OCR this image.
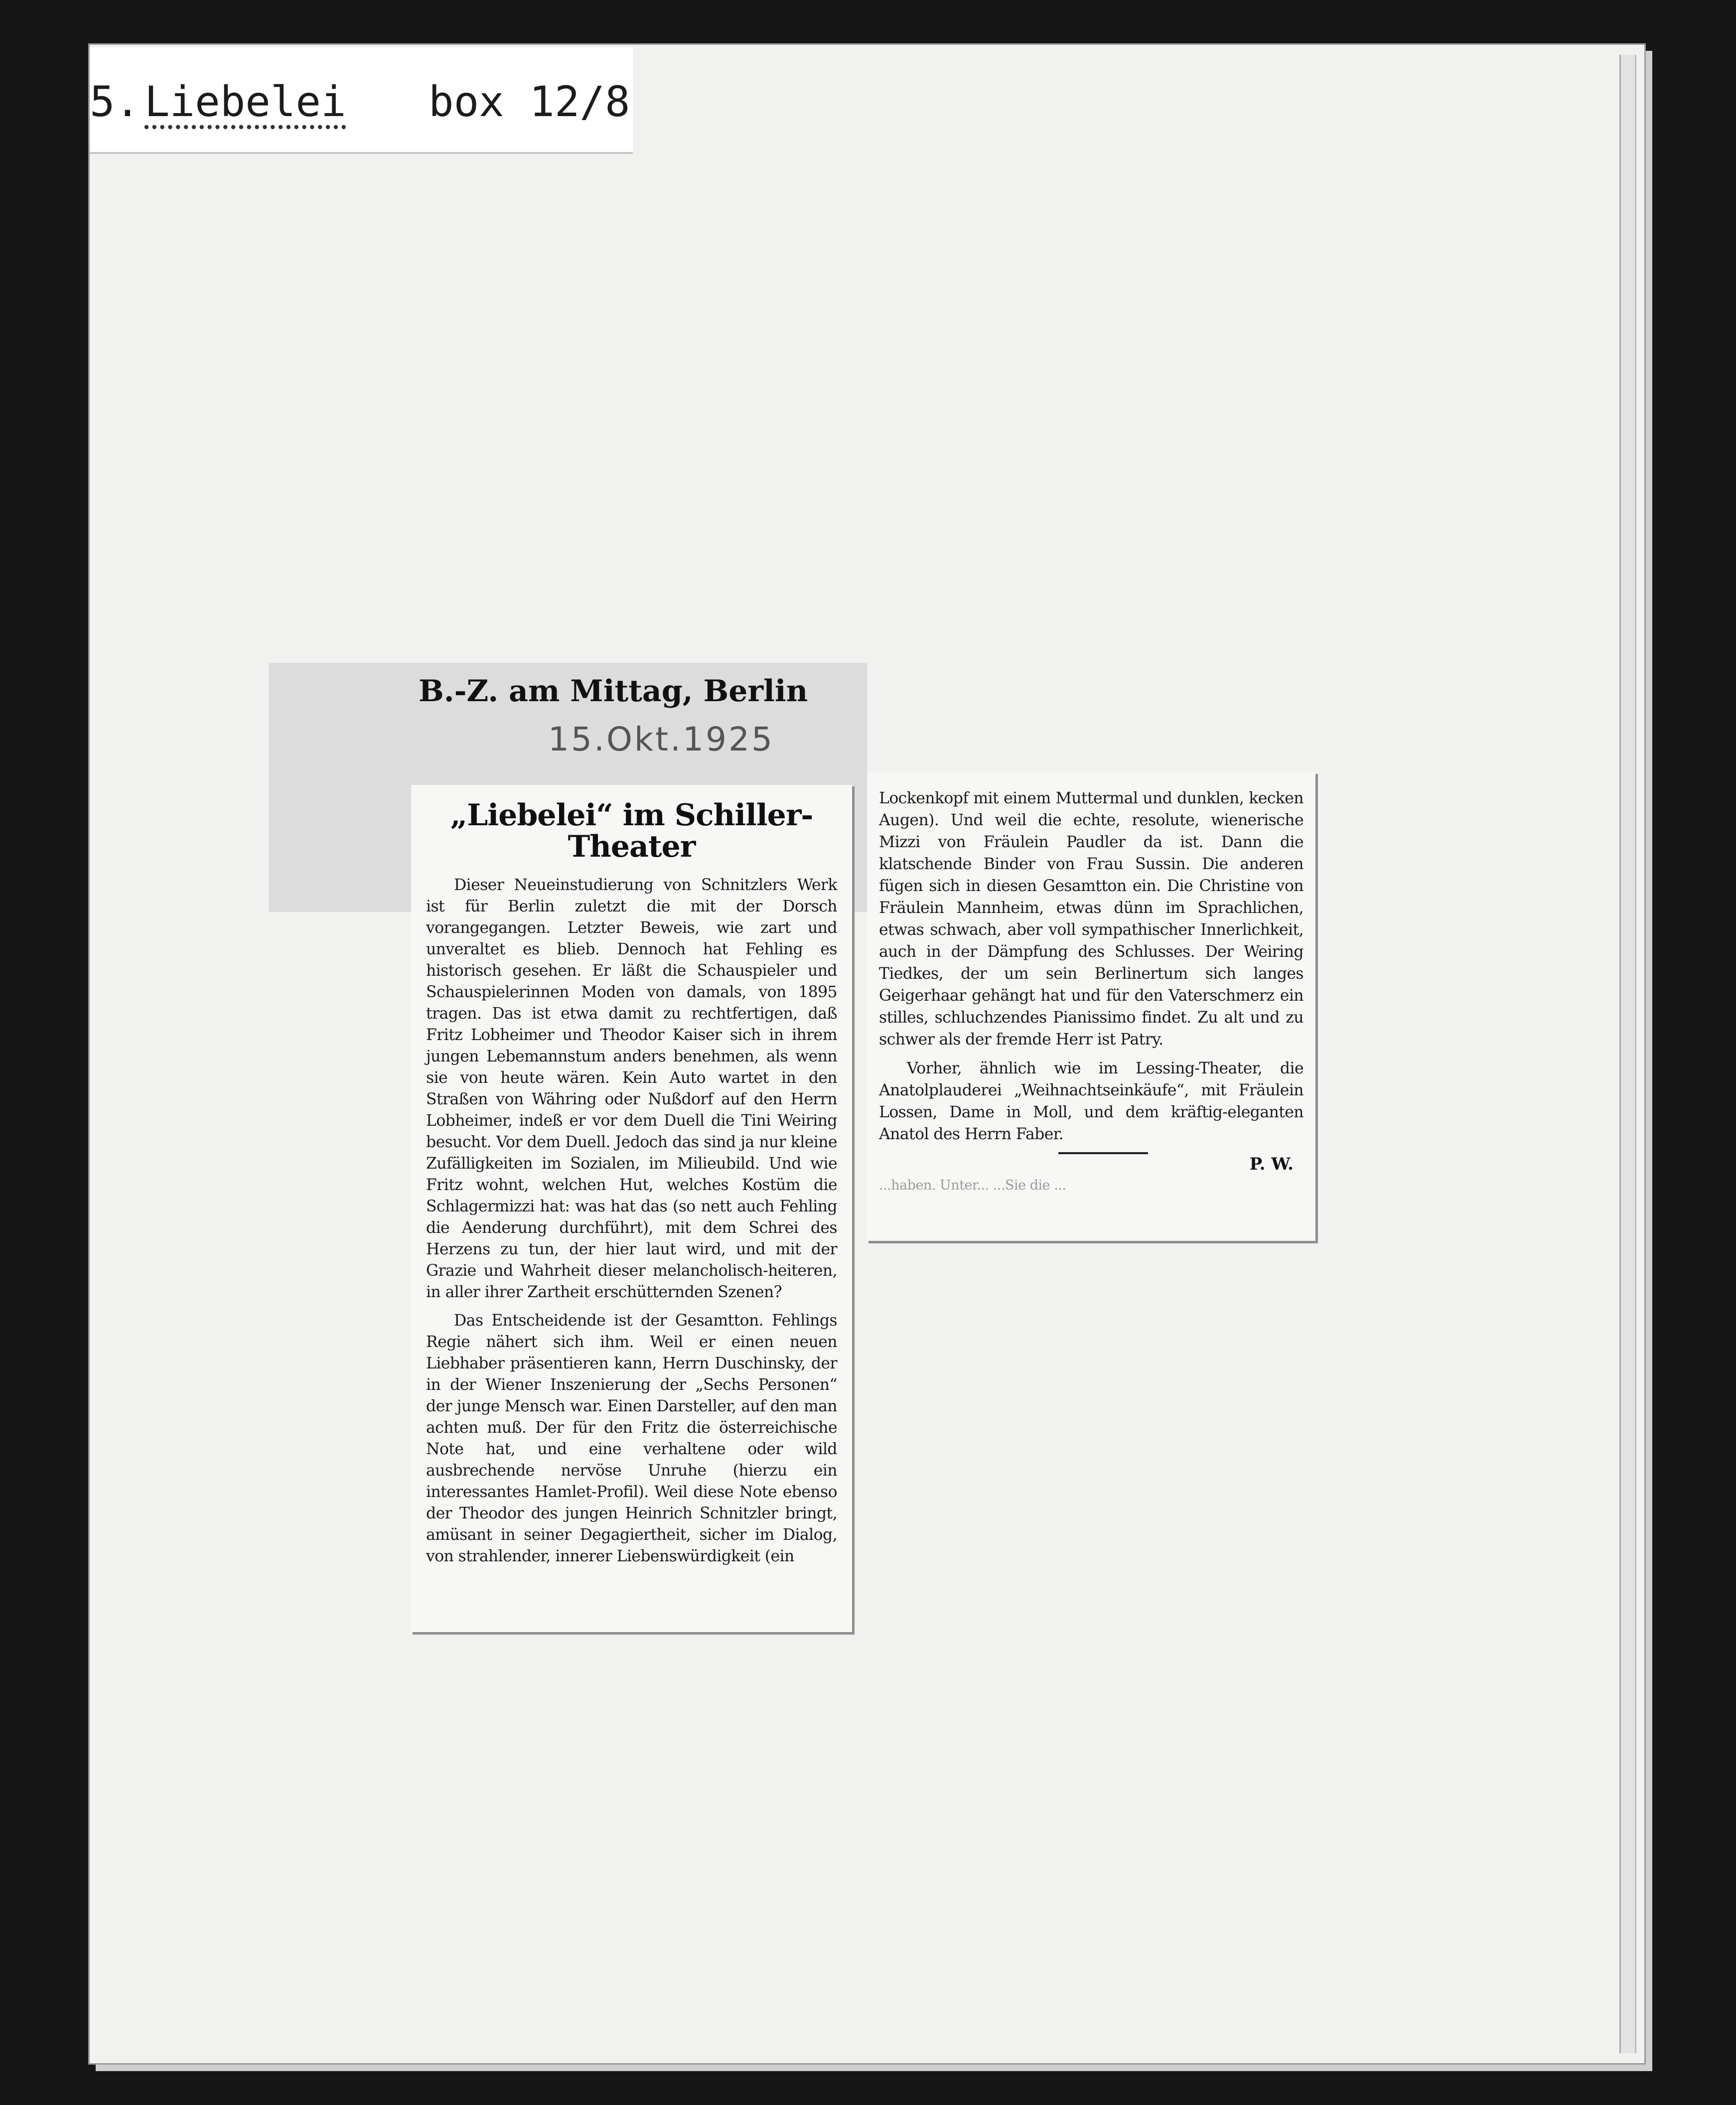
5. Liebelei box 12/8
B.-Z. am Mittag, Berlin
15.Okt.1925
„Liebelei“ im Schiller-Theater

Dieser Neueinstudierung von Schnitzlers Werk ist für Berlin zuletzt die mit der Dorsch vorangegangen. Letzter Beweis, wie zart und unveraltet es blieb. Dennoch hat Fehling es historisch gesehen. Er läßt die Schauspieler und Schauspielerinnen Moden von damals, von 1895 tragen. Das ist etwa damit zu rechtfertigen, daß Fritz Lobheimer und Theodor Kaiser sich in ihrem jungen Lebemannstum anders benehmen, als wenn sie von heute wären. Kein Auto wartet in den Straßen von Währing oder Nußdorf auf den Herrn Lobheimer, indeß er vor dem Duell die Tini Weiring besucht. Vor dem Duell. Jedoch das sind ja nur kleine Zufälligkeiten im Sozialen, im Milieubild. Und wie Fritz wohnt, welchen Hut, welches Kostüm die Schlagermizzi hat: was hat das (so nett auch Fehling die Aenderung durchführt), mit dem Schrei des Herzens zu tun, der hier laut wird, und mit der Grazie und Wahrheit dieser melancholisch-heiteren, in aller ihrer Zartheit erschütternden Szenen?

Das Entscheidende ist der Gesamtton. Fehlings Regie nähert sich ihm. Weil er einen neuen Liebhaber präsentieren kann, Herrn Duschinsky, der in der Wiener Inszenierung der „Sechs Personen“ der junge Mensch war. Einen Darsteller, auf den man achten muß. Der für den Fritz die österreichische Note hat, und eine verhaltene oder wild ausbrechende nervöse Unruhe (hierzu ein interessantes Hamlet-Profil). Weil diese Note ebenso der Theodor des jungen Heinrich Schnitzler bringt, amüsant in seiner Degagiertheit, sicher im Dialog, von strahlender, innerer Liebenswürdigkeit (ein

Lockenkopf mit einem Muttermal und dunklen, kecken Augen). Und weil die echte, resolute, wienerische Mizzi von Fräulein Paudler da ist. Dann die klatschende Binder von Frau Sussin. Die anderen fügen sich in diesen Gesamtton ein. Die Christine von Fräulein Mannheim, etwas dünn im Sprachlichen, etwas schwach, aber voll sympathischer Innerlichkeit, auch in der Dämpfung des Schlusses. Der Weiring Tiedkes, der um sein Berlinertum sich langes Geigerhaar gehängt hat und für den Vaterschmerz ein stilles, schluchzendes Pianissimo findet. Zu alt und zu schwer als der fremde Herr ist Patry.

Vorher, ähnlich wie im Lessing-Theater, die Anatolplauderei „Weihnachtseinkäufe“, mit Fräulein Lossen, Dame in Moll, und dem kräftig-eleganten Anatol des Herrn Faber.

P. W.

...haben. Unter... ...Sie die ...
